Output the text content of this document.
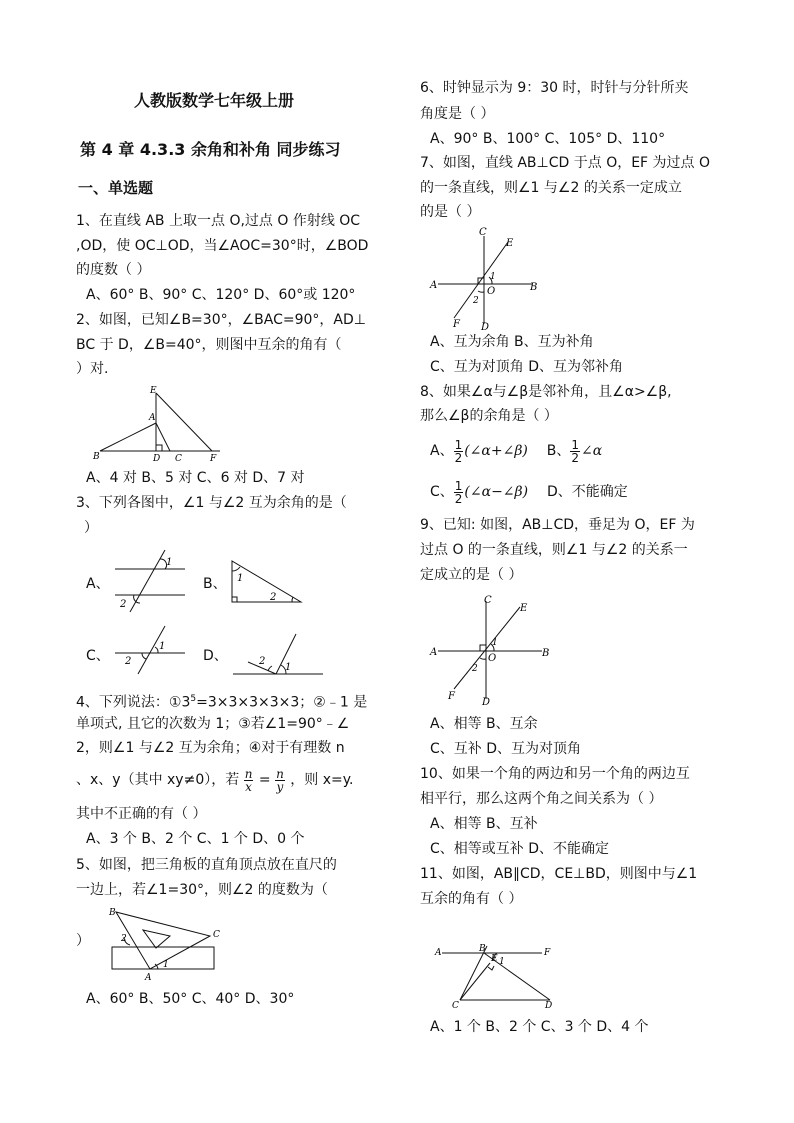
人教版数学七年级上册
第 4 章 4.3.3 余角和补角 同步练习
一、单选题
1、在直线 AB 上取一点 O,过点 O 作射线 OC
,OD，使 OC⊥OD，当∠AOC=30°时，∠BOD
的度数（ ）
A、60° B、90° C、120° D、60°或 120°
2、如图，已知∠B=30°，∠BAC=90°，AD⊥
BC 于 D，∠B=40°，则图中互余的角有（
）对.
E
A
B	D C	F
A、4 对 B、5 对 C、6 对 D、7 对
3、下列各图中，∠1 与∠2 互为余角的是（
）
A、
1
2
B、 1
2
C、
1
2	D、
1
2
4、下列说法：$①3^5=3\times 3\times 3\times 3\times 3$；②﹣1 是
单项式, 且它的次数为 1；③若∠1=90°﹣∠
2，则∠1 与∠2 互为余角；④对于有理数 n
、x、y（其中 xy≠0），若 $\frac{n}{x} = \frac{n}{y}$ ，则 x=y.
其中不正确的有（ ）
A、3 个 B、2 个 C、1 个 D、0 个
5、如图，把三角板的直角顶点放在直尺的
一边上，若∠1=30°，则∠2 的度数为（
）
B
C
A
2
1
A、60° B、50° C、40° D、30°
6、时钟显示为 9：30 时，时针与分针所夹
角度是（ ）
A、90° B、100° C、105° D、110°
7、如图，直线 AB⊥CD 于点 O，EF 为过点 O
的一条直线，则∠1 与∠2 的关系一定成立
的是（ ）
C
E
A
O	B
F D
1
2
A、互为余角 B、互为补角
C、互为对顶角 D、互为邻补角
8、如果∠α与∠β是邻补角，且∠α>∠β,
那么∠β的余角是（ ）
A、 $\frac{1}{2}$ (∠α+∠β) B、 $\frac{1}{2}$ ∠α
C、 $\frac{1}{2}$ (∠α−∠β) D、不能确定
9、已知: 如图，AB⊥CD，垂足为 O，EF 为
过点 O 的一条直线，则∠1 与∠2 的关系一
定成立的是（ ）
C
E
A
O	B
F
D
1
2
A、相等 B、互余
C、互补 D、互为对顶角
10、如果一个角的两边和另一个角的两边互
相平行，那么这两个角之间关系为（ ）
A、相等 B、互补
C、相等或互补 D、不能确定
11、如图，AB∥CD，CE⊥BD，则图中与∠1
互余的角有（ ）
A	B
E
F
1
C	D
A、1 个 B、2 个 C、3 个 D、4 个
